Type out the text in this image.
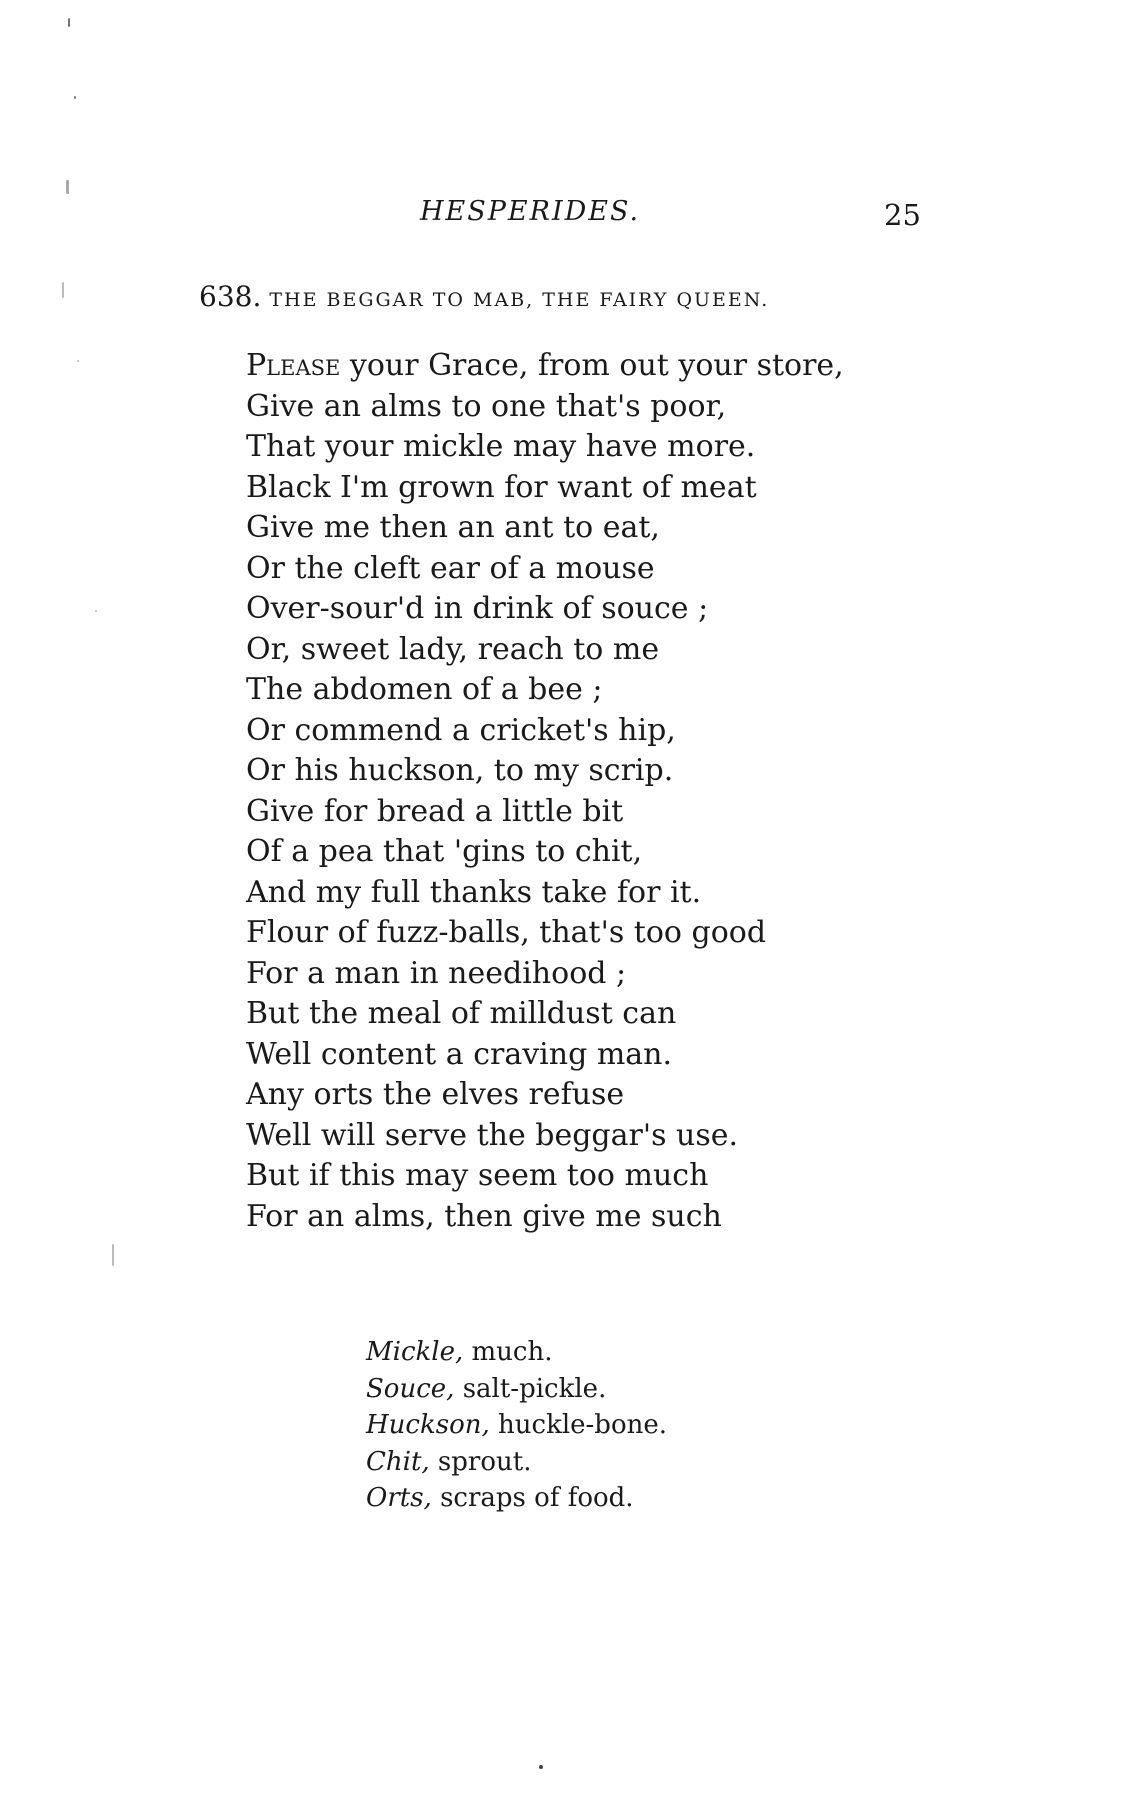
HESPERIDES.	25
638. THE BEGGAR TO MAB, THE FAIRY QUEEN.
Please your Grace, from out your store,
Give an alms to one that's poor,
That your mickle may have more.
Black I'm grown for want of meat
Give me then an ant to eat,
Or the cleft ear of a mouse
Over-sour'd in drink of souce ;
Or, sweet lady, reach to me
The abdomen of a bee ;
Or commend a cricket's hip,
Or his huckson, to my scrip.
Give for bread a little bit
Of a pea that 'gins to chit,
And my full thanks take for it.
Flour of fuzz-balls, that's too good
For a man in needihood ;
But the meal of milldust can
Well content a craving man.
Any orts the elves refuse
Well will serve the beggar's use.
But if this may seem too much
For an alms, then give me such
Mickle, much.
Souce, salt-pickle.
Huckson, huckle-bone.
Chit, sprout.
Orts, scraps of food.
